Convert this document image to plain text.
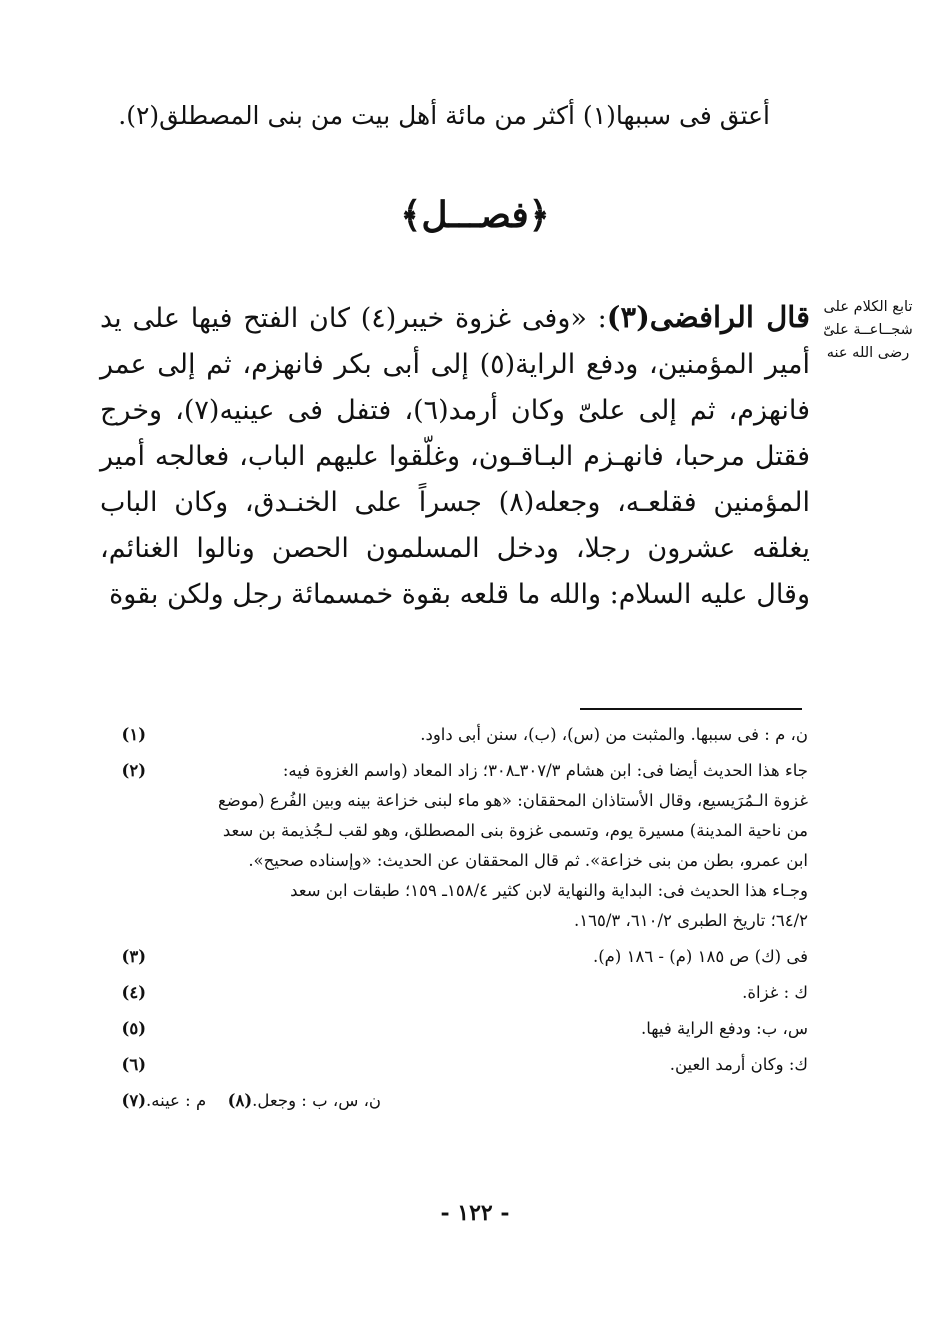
أعتق فى سببها(١) أكثر من مائة أهل بيت من بنى المصطلق(٢).
﴿فصـــل﴾
تابع الكلام على
شجــاعــة علىّ
رضى الله عنه

قال الرافضى(٣): «وفى غزوة خيبر(٤) كان الفتح فيها على يد أمير المؤمنين، ودفع الراية(٥) إلى أبى بكر فانهزم، ثم إلى عمر فانهزم، ثم إلى علىّ وكان أرمد(٦)، فتفل فى عينيه(٧)، وخرج فقتل مرحبا، فانهـزم البـاقـون، وغلّقوا عليهم الباب، فعالجه أمير المؤمنين فقلعـه، وجعله(٨) جسراً على الخنـدق، وكان الباب يغلقه عشرون رجلا، ودخل المسلمون الحصن ونالوا الغنائم، وقال عليه السلام: والله ما قلعه بقوة خمسمائة رجل ولكن بقوة

(١)	ن، م : فى سببها. والمثبت من (س)، (ب)، سنن أبى داود.

(٢)	جاء هذا الحديث أيضا فى: ابن هشام ٣٠٧/٣ـ٣٠٨؛ زاد المعاد (واسم الغزوة فيه:

غزوة الـمُرَيسيع، وقال الأستاذان المحققان: «هو ماء لبنى خزاعة بينه وبين الفُرع (موضع

من ناحية المدينة) مسيرة يوم، وتسمى غزوة بنى المصطلق، وهو لقب لـجُذيمة بن سعد

ابن عمرو، بطن من بنى خزاعة». ثم قال المحققان عن الحديث: «وإسناده صحيح».

وجـاء هذا الحديث فى: البداية والنهاية لابن كثير ١٥٨/٤ـ ١٥٩؛ طبقات ابن سعد

٦٤/٢؛ تاريخ الطبرى ٦١٠/٢، ١٦٥/٣.

(٣)	فى (ك) ص ١٨٥ (م) - ١٨٦ (م).

(٤)	ك : غزاة.

(٥)	س، ب: ودفع الراية فيها.

(٦)	ك: وكان أرمد العين.

(٧) م : عينه.	(٨) ن، س، ب : وجعل.
- ١٢٢ -
